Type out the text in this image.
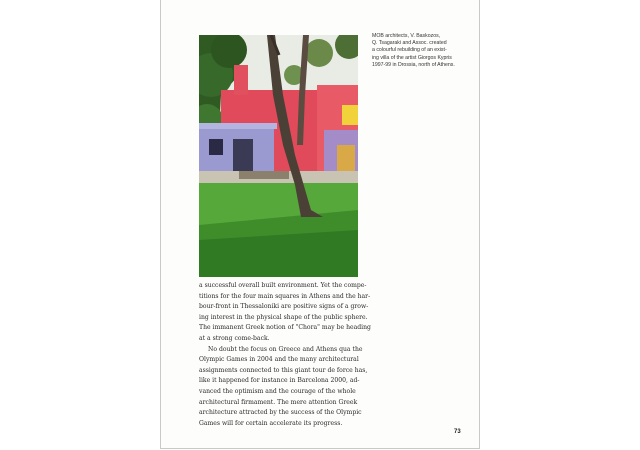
MOB architects, V. Baskozos,
Q. Tsagaraki and Assoc. created
a colourful rebuilding of an exist-
ing villa of the artist Giorgos Kypris
1997-99 in Drossia, north of Athens.
a successful overall built environment. Yet the compe-
titions for the four main squares in Athens and the har-
bour-front in Thessaloniki are positive signs of a grow-
ing interest in the physical shape of the public sphere.
The immanent Greek notion of "Chora" may be heading
at a strong come-back.
No doubt the focus on Greece and Athens qua the
Olympic Games in 2004 and the many architectural
assignments connected to this giant tour de force has,
like it happened for instance in Barcelona 2000, ad-
vanced the optimism and the courage of the whole
architectural firmament. The mere attention Greek
architecture attracted by the success of the Olympic
Games will for certain accelerate its progress.
73
